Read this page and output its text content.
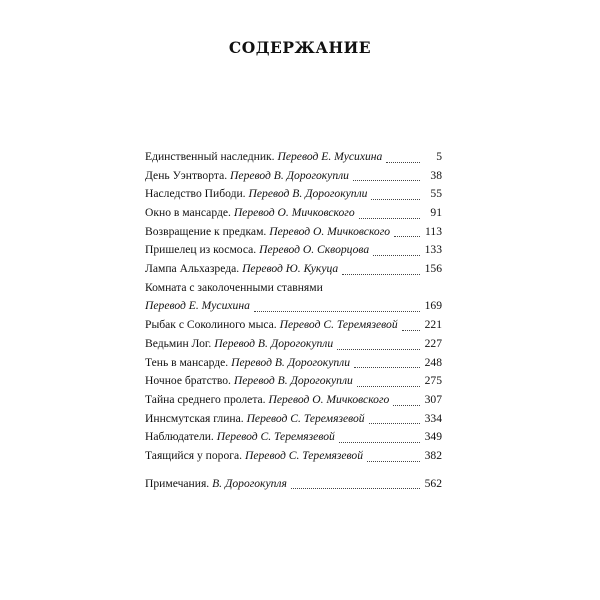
СОДЕРЖАНИЕ
Единственный наследник. Перевод Е. Мусихина	5
День Уэнтворта. Перевод В. Дорогокупли	38
Наследство Пибоди. Перевод В. Дорогокупли	55
Окно в мансарде. Перевод О. Мичковского	91
Возвращение к предкам. Перевод О. Мичковского	113
Пришелец из космоса. Перевод О. Скворцова	133
Лампа Альхазреда. Перевод Ю. Кукуца	156
Комната с заколоченными ставнями
Перевод Е. Мусихина	169
Рыбак с Соколиного мыса. Перевод С. Теремязевой 221
Ведьмин Лог. Перевод В. Дорогокупли	227
Тень в мансарде. Перевод В. Дорогокупли	248
Ночное братство. Перевод В. Дорогокупли	275
Тайна среднего пролета. Перевод О. Мичковского	307
Иннсмутская глина. Перевод С. Теремязевой	334
Наблюдатели. Перевод С. Теремязевой	349
Таящийся у порога. Перевод С. Теремязевой	382
Примечания. В. Дорогокупля	562
